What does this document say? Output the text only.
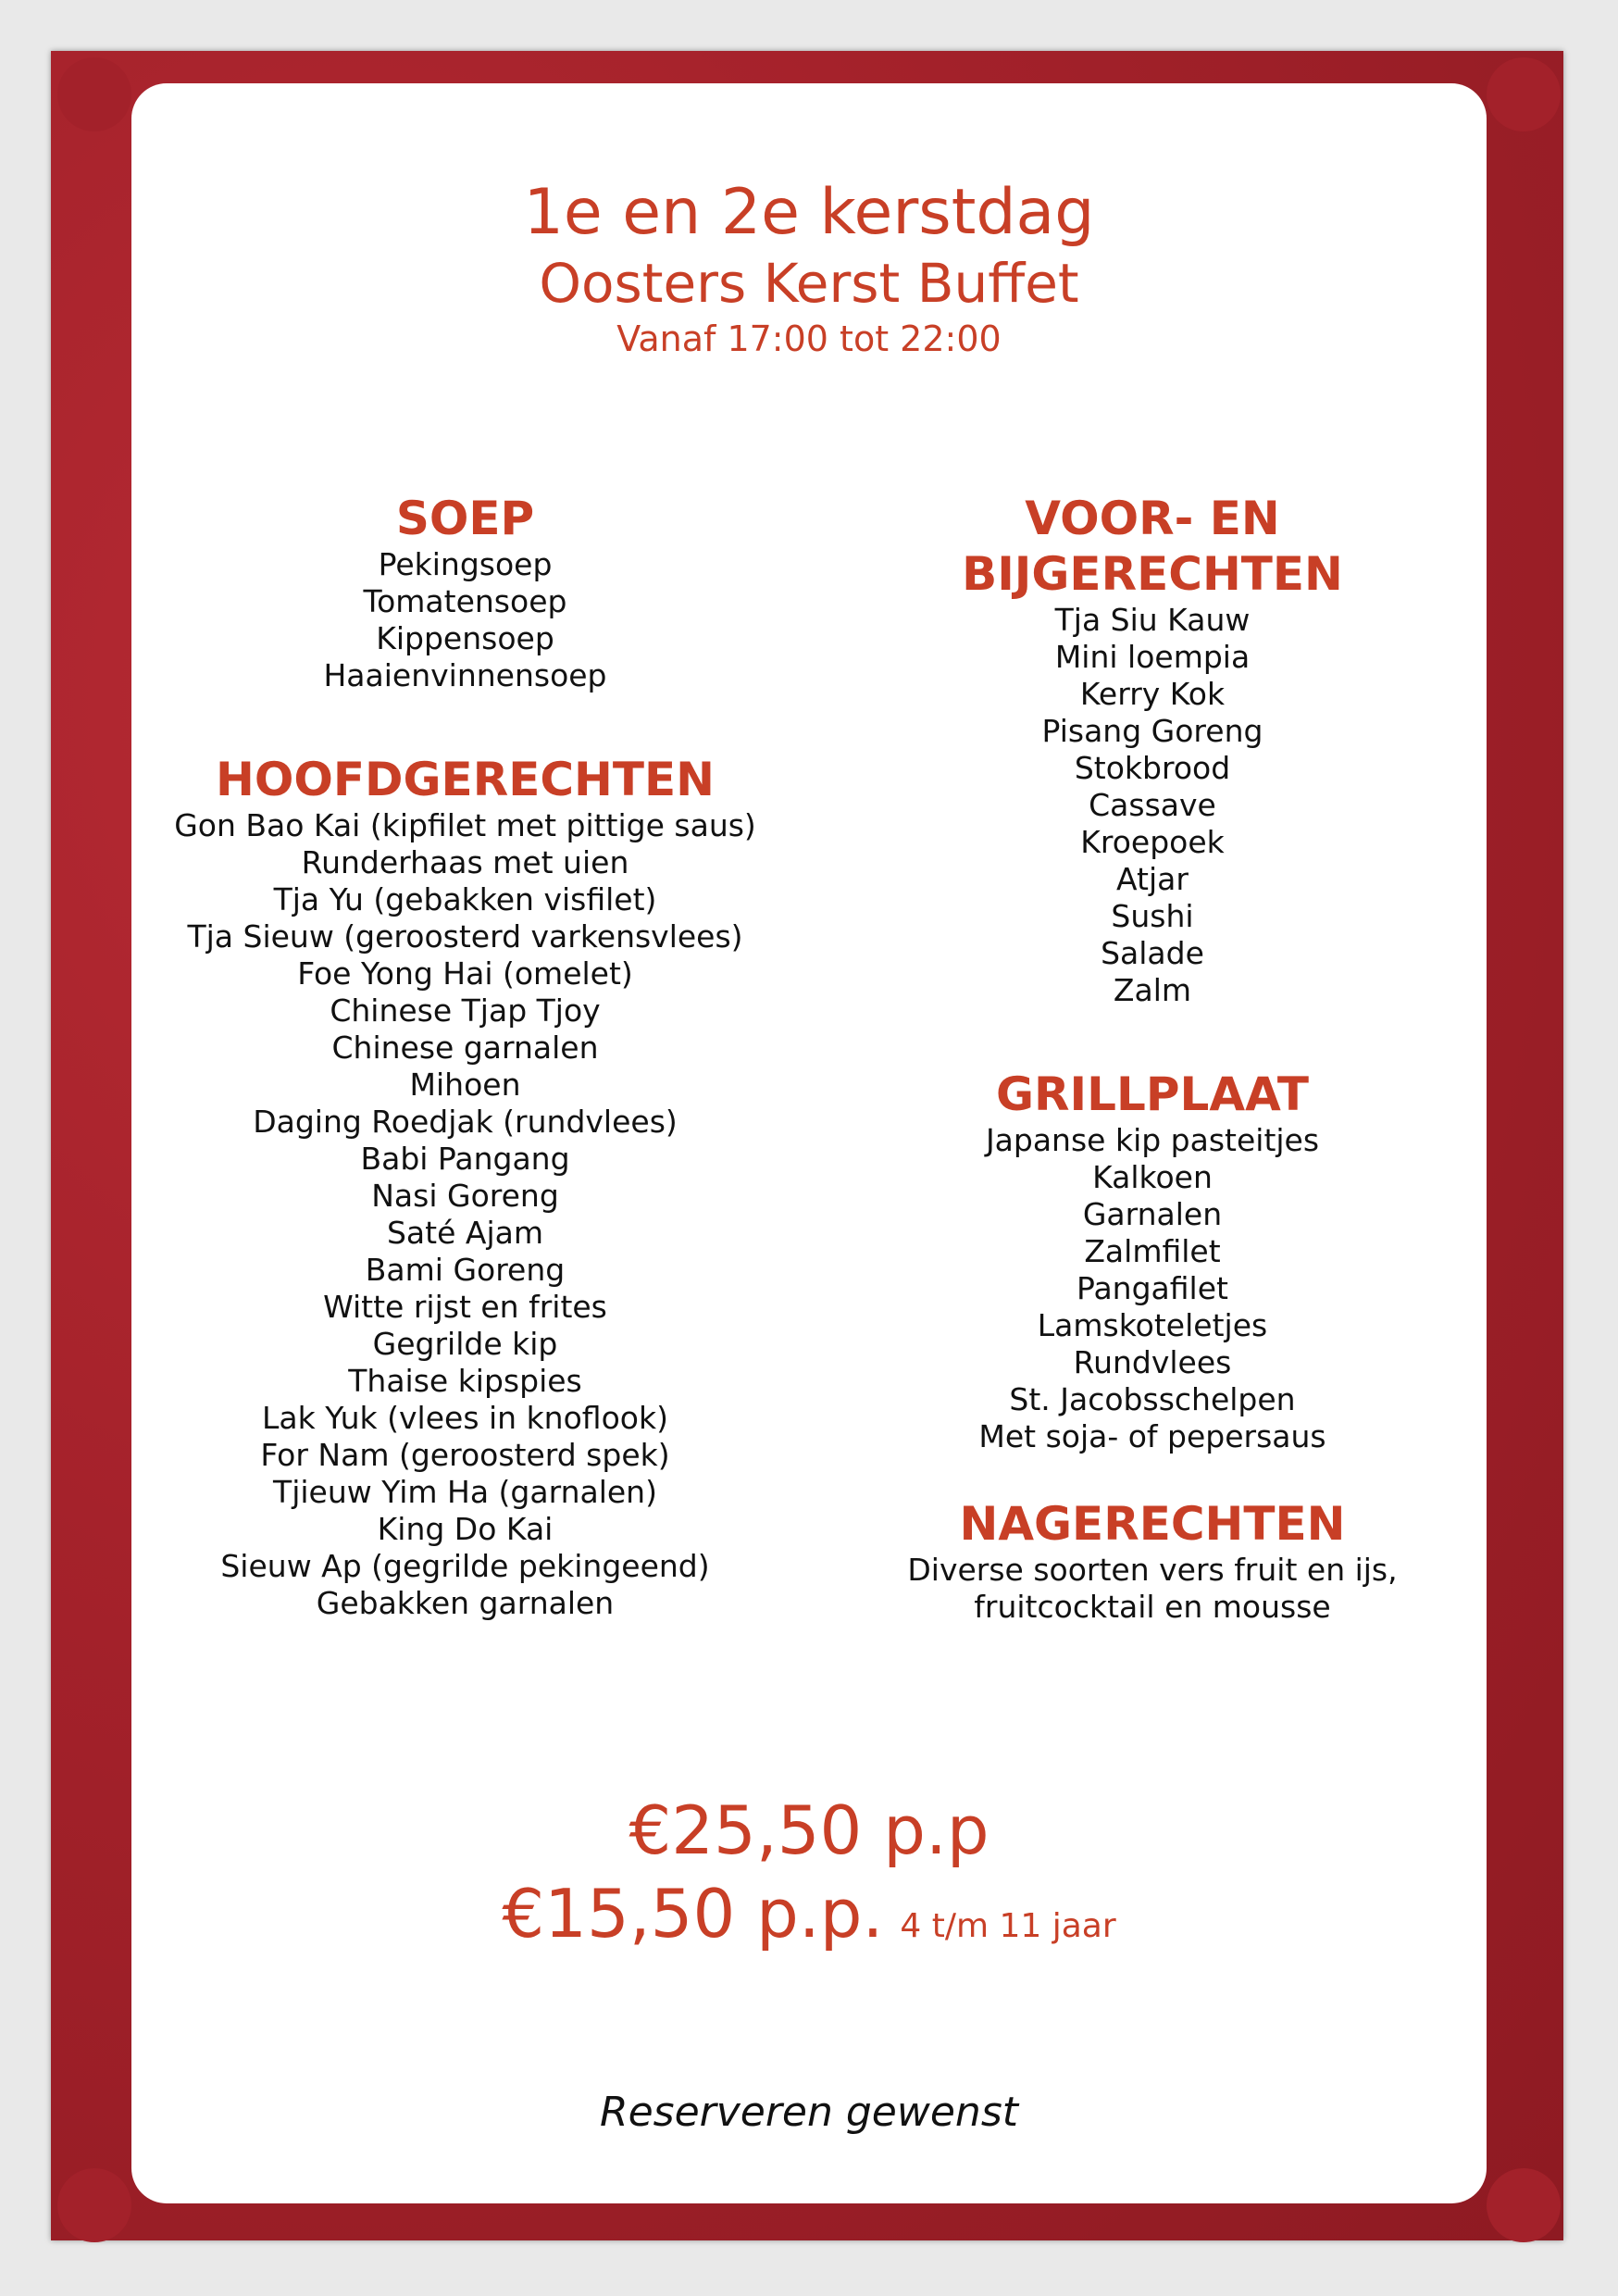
1e en 2e kerstdag
Oosters Kerst Buffet
Vanaf 17:00 tot 22:00

SOEP

Pekingsoep

Tomatensoep

Kippensoep

Haaienvinnensoep

HOOFDGERECHTEN

Gon Bao Kai (kipfilet met pittige saus)

Runderhaas met uien

Tja Yu (gebakken visfilet)

Tja Sieuw (geroosterd varkensvlees)

Foe Yong Hai (omelet)

Chinese Tjap Tjoy

Chinese garnalen

Mihoen

Daging Roedjak (rundvlees)

Babi Pangang

Nasi Goreng

Saté Ajam

Bami Goreng

Witte rijst en frites

Gegrilde kip

Thaise kipspies

Lak Yuk (vlees in knoflook)

For Nam (geroosterd spek)

Tjieuw Yim Ha (garnalen)

King Do Kai

Sieuw Ap (gegrilde pekingeend)

Gebakken garnalen

VOOR- EN

BIJGERECHTEN

Tja Siu Kauw

Mini loempia

Kerry Kok

Pisang Goreng

Stokbrood

Cassave

Kroepoek

Atjar

Sushi

Salade

Zalm

GRILLPLAAT

Japanse kip pasteitjes

Kalkoen

Garnalen

Zalmfilet

Pangafilet

Lamskoteletjes

Rundvlees

St. Jacobsschelpen

Met soja- of pepersaus

NAGERECHTEN

Diverse soorten vers fruit en ijs,

fruitcocktail en mousse

€25,50 p.p
€15,50 p.p. 4 t/m 11 jaar
Reserveren gewenst
